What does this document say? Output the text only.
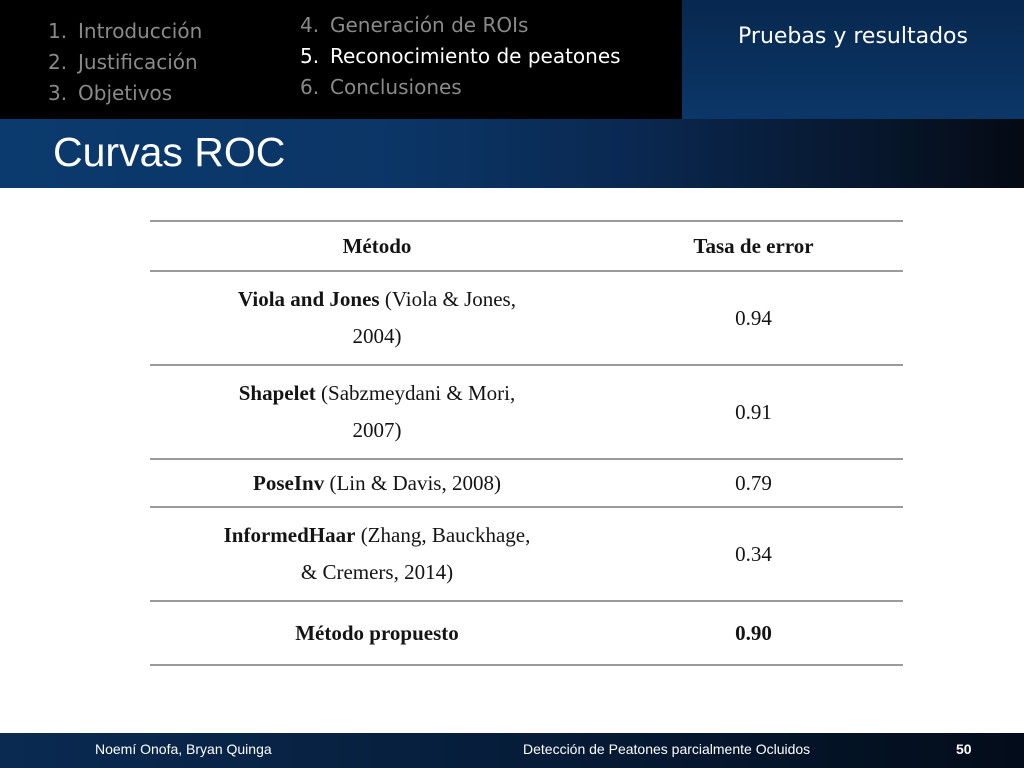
1. Introducción
2. Justificación
3. Objetivos
4. Generación de ROIs
5. Reconocimiento de peatones
6. Conclusiones
Pruebas y resultados
Curvas ROC
Método	Tasa de error
Viola and Jones (Viola & Jones,
2004)	0.94
Shapelet (Sabzmeydani & Mori,
2007)	0.91
PoseInv (Lin & Davis, 2008)	0.79
InformedHaar (Zhang, Bauckhage,
& Cremers, 2014)	0.34
Método propuesto	0.90
Noemí Onofa, Bryan Quinga	Detección de Peatones parcialmente Ocluidos	50
